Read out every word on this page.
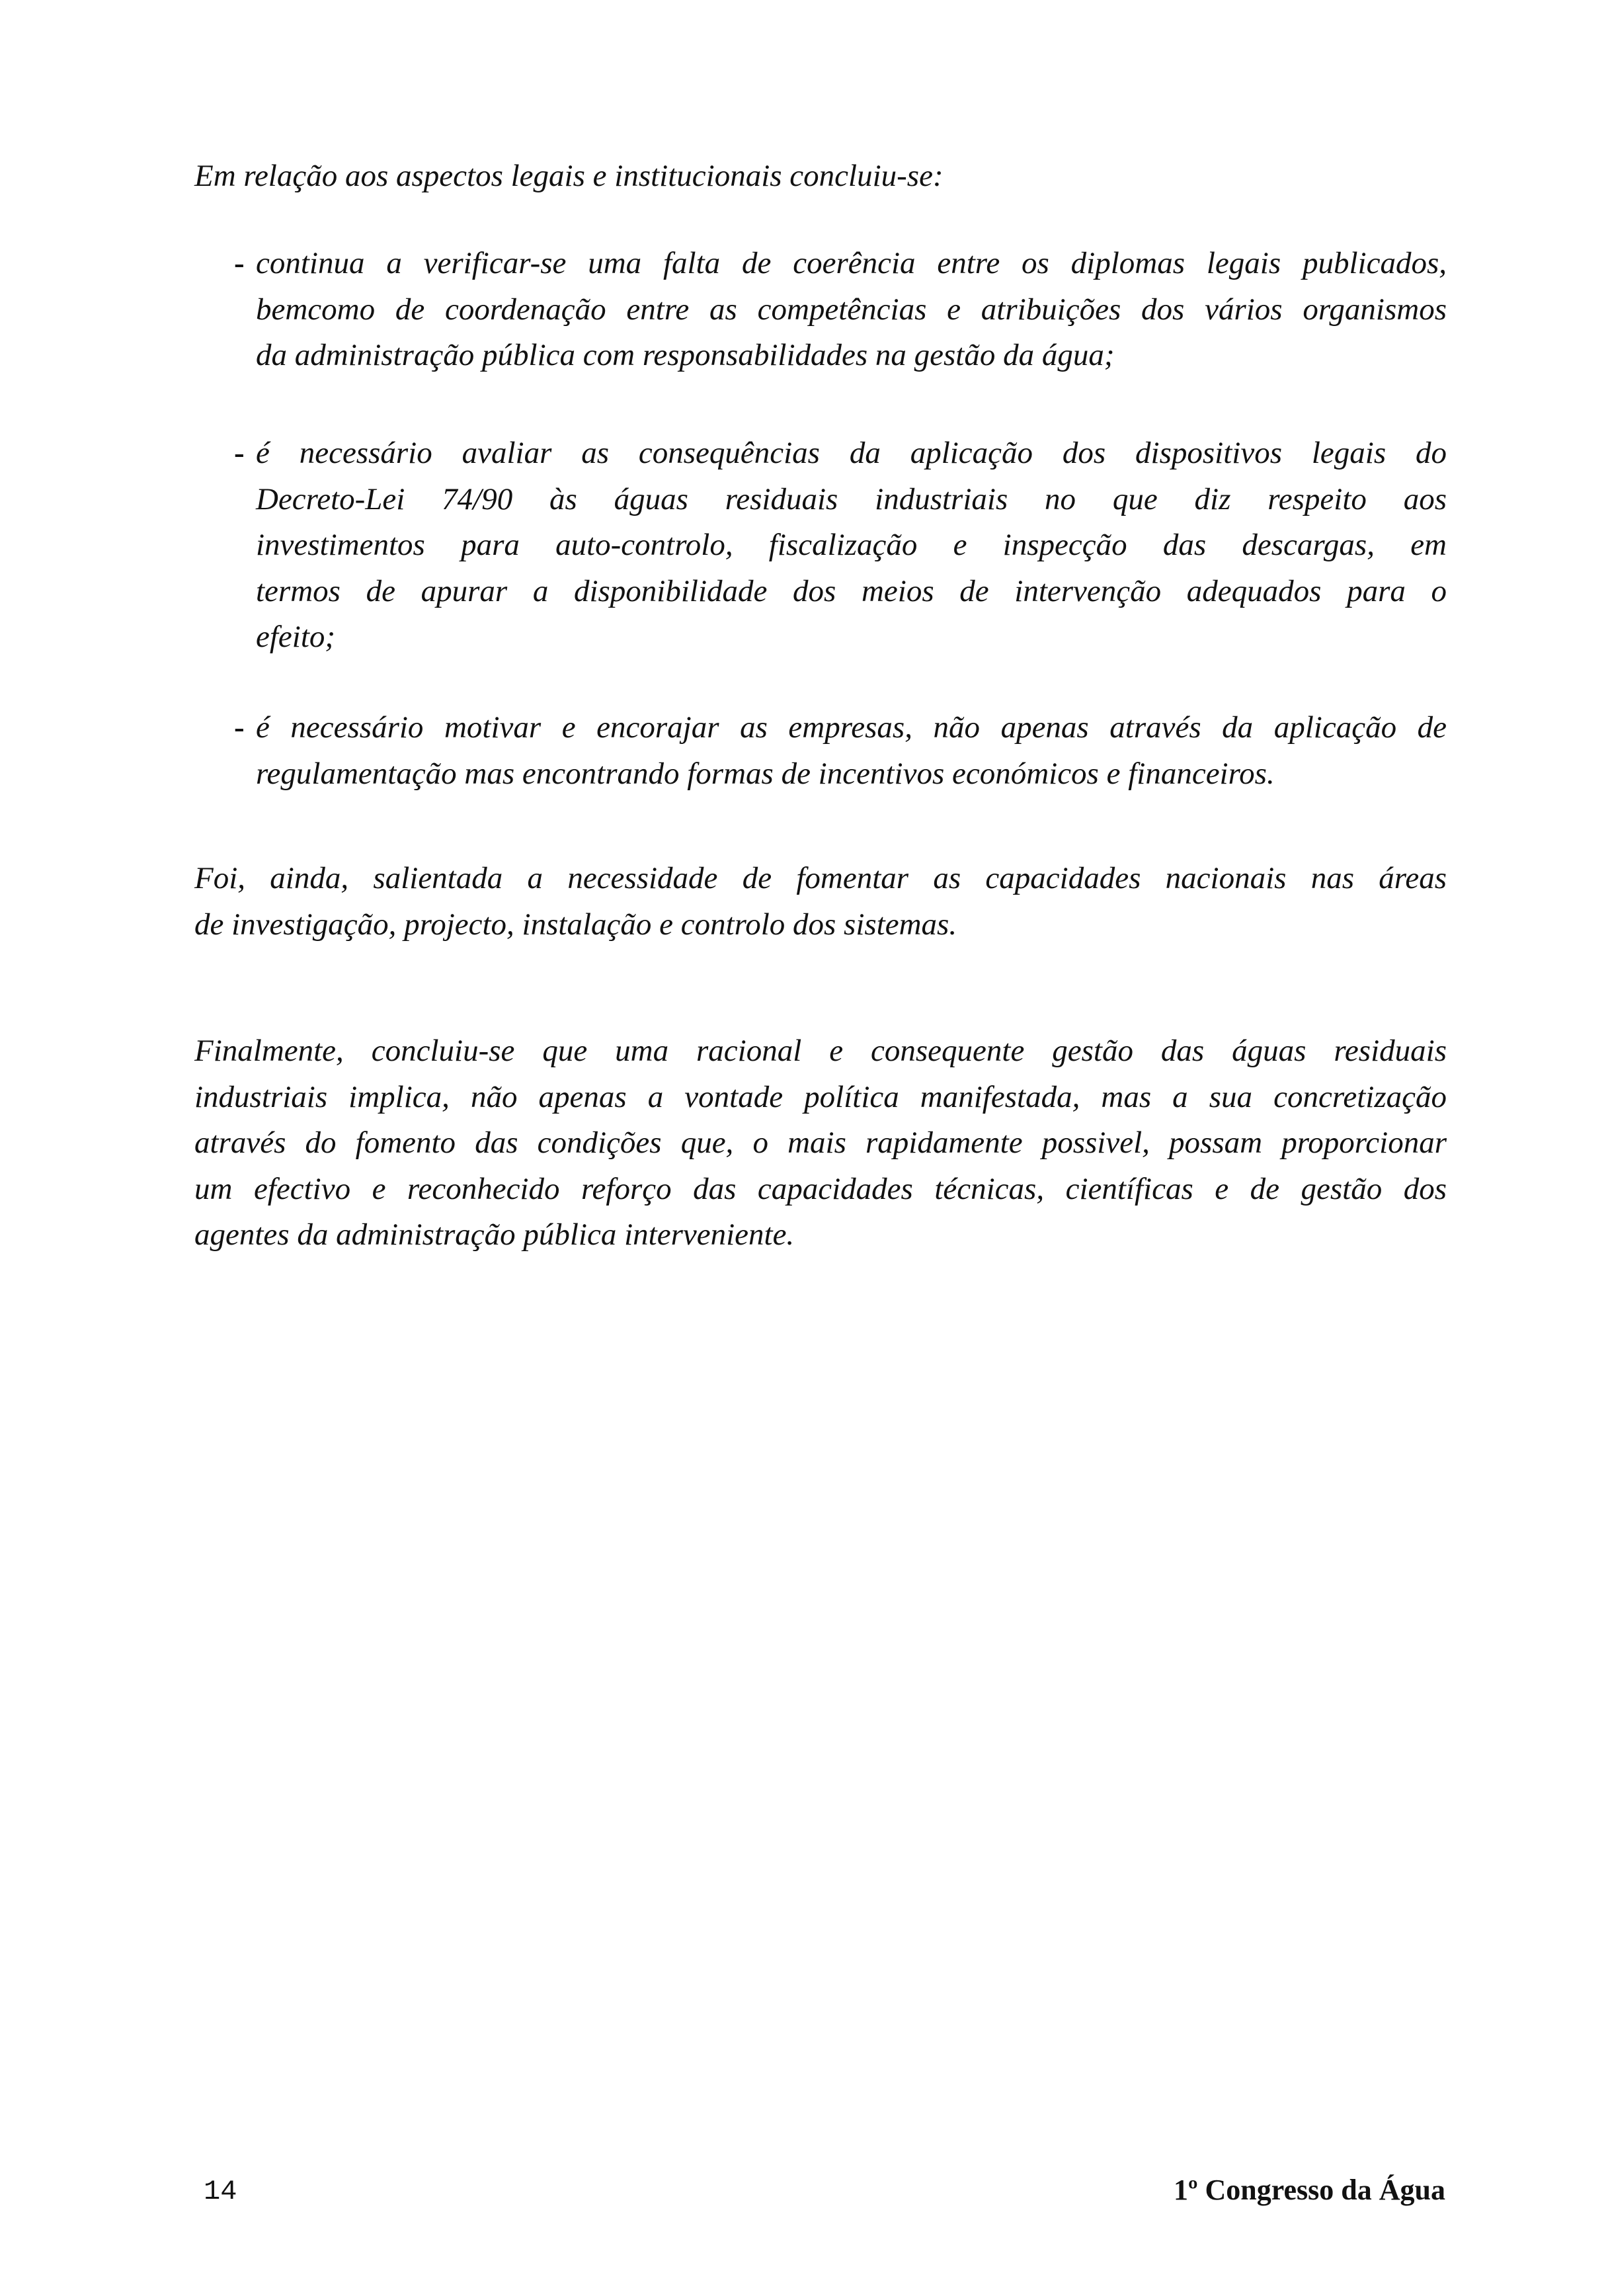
Em relação aos aspectos legais e institucionais concluiu-se:
- continua a verificar-se uma falta de coerência entre os diplomas legais publicados,
bemcomo de coordenação entre as competências e atribuições dos vários organismos
da administração pública com responsabilidades na gestão da água;
- é necessário avaliar as consequências da aplicação dos dispositivos legais do
Decreto-Lei 74/90 às águas residuais industriais no que diz respeito aos
investimentos para auto-controlo, fiscalização e inspecção das descargas, em
termos de apurar a disponibilidade dos meios de intervenção adequados para o
efeito;
- é necessário motivar e encorajar as empresas, não apenas através da aplicação de
regulamentação mas encontrando formas de incentivos económicos e financeiros.
Foi, ainda, salientada a necessidade de fomentar as capacidades nacionais nas áreas
de investigação, projecto, instalação e controlo dos sistemas.
Finalmente, concluiu-se que uma racional e consequente gestão das águas residuais
industriais implica, não apenas a vontade política manifestada, mas a sua concretização
através do fomento das condições que, o mais rapidamente possivel, possam proporcionar
um efectivo e reconhecido reforço das capacidades técnicas, científicas e de gestão dos
agentes da administração pública interveniente.
14	1º Congresso da Água
